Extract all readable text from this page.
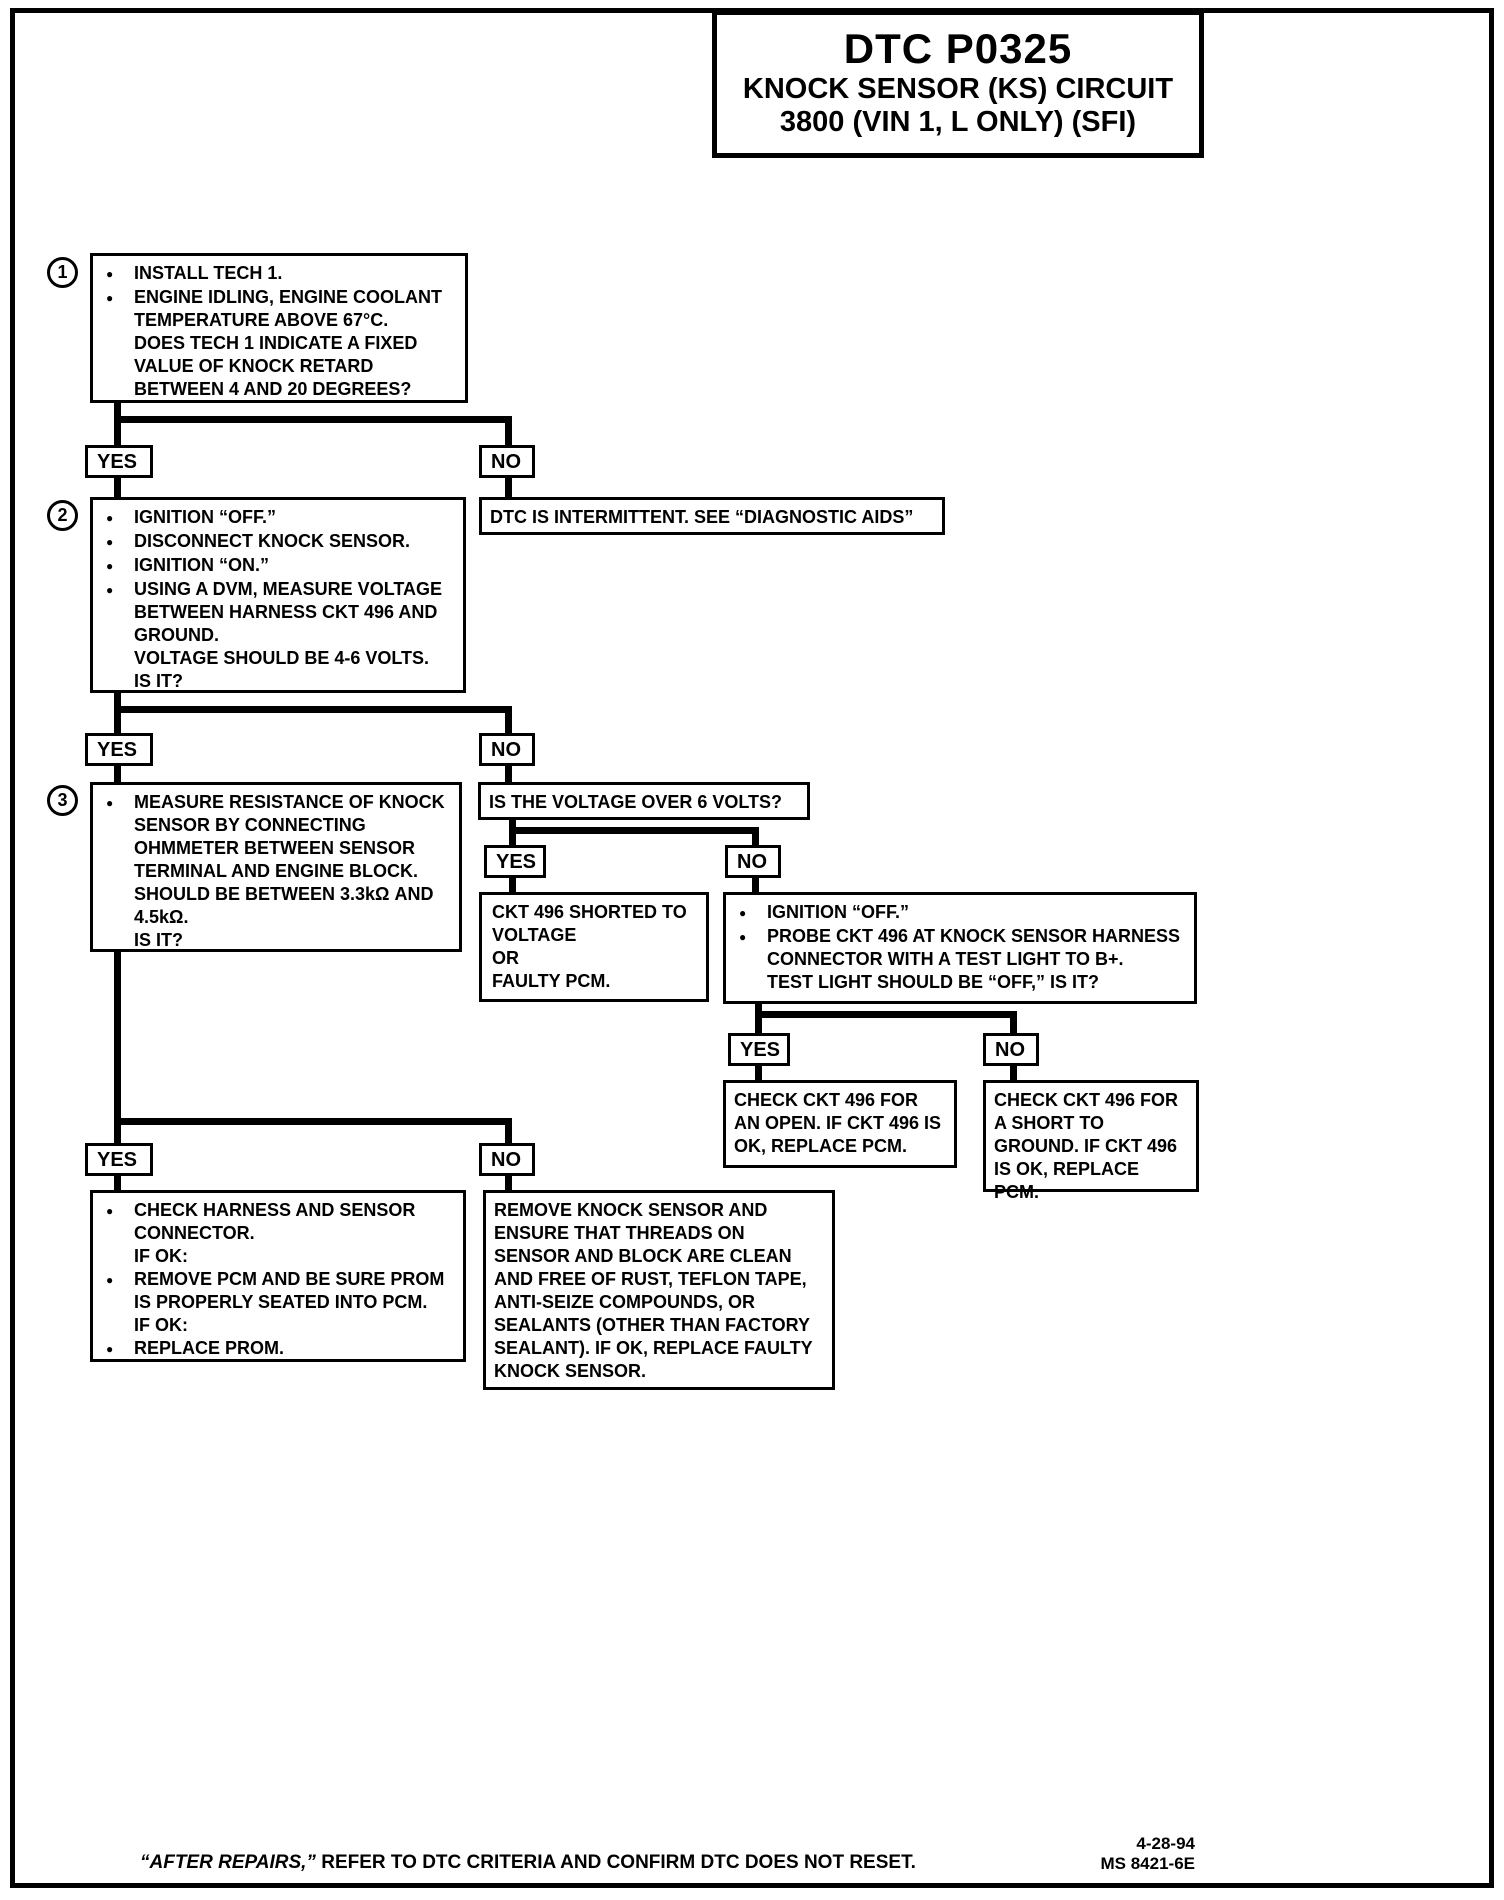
DTC P0325
KNOCK SENSOR (KS) CIRCUIT
3800 (VIN 1, L ONLY) (SFI)
1
2
3
●
INSTALL TECH 1.
●
ENGINE IDLING, ENGINE COOLANT TEMPERATURE ABOVE 67°C.
DOES TECH 1 INDICATE A FIXED VALUE OF KNOCK RETARD BETWEEN 4 AND 20 DEGREES?
YES	NO
DTC IS INTERMITTENT. SEE “DIAGNOSTIC AIDS”
●
IGNITION “OFF.”
●
DISCONNECT KNOCK SENSOR.
●
IGNITION “ON.”
●
USING A DVM, MEASURE VOLTAGE BETWEEN HARNESS CKT 496 AND GROUND.
VOLTAGE SHOULD BE 4-6 VOLTS.
IS IT?
YES	NO
●
MEASURE RESISTANCE OF KNOCK SENSOR BY CONNECTING OHMMETER BETWEEN SENSOR TERMINAL AND ENGINE BLOCK.
SHOULD BE BETWEEN 3.3kΩ AND 4.5kΩ.
IS IT?
IS THE VOLTAGE OVER 6 VOLTS?
YES	NO
CKT 496 SHORTED TO VOLTAGE
OR
FAULTY PCM.
●
IGNITION “OFF.”
●
PROBE CKT 496 AT KNOCK SENSOR HARNESS CONNECTOR WITH A TEST LIGHT TO B+.
TEST LIGHT SHOULD BE “OFF,” IS IT?
YES	NO
CHECK CKT 496 FOR AN OPEN. IF CKT 496 IS OK, REPLACE PCM.
CHECK CKT 496 FOR A SHORT TO GROUND. IF CKT 496 IS OK, REPLACE PCM.
YES	NO
●
CHECK HARNESS AND SENSOR CONNECTOR.
IF OK:
●
REMOVE PCM AND BE SURE PROM IS PROPERLY SEATED INTO PCM.
IF OK:
●
REPLACE PROM.
REMOVE KNOCK SENSOR AND ENSURE THAT THREADS ON SENSOR AND BLOCK ARE CLEAN AND FREE OF RUST, TEFLON TAPE, ANTI-SEIZE COMPOUNDS, OR SEALANTS (OTHER THAN FACTORY SEALANT). IF OK, REPLACE FAULTY KNOCK SENSOR.
“AFTER REPAIRS,” REFER TO DTC CRITERIA AND CONFIRM DTC DOES NOT RESET.
4-28-94
MS 8421-6E
